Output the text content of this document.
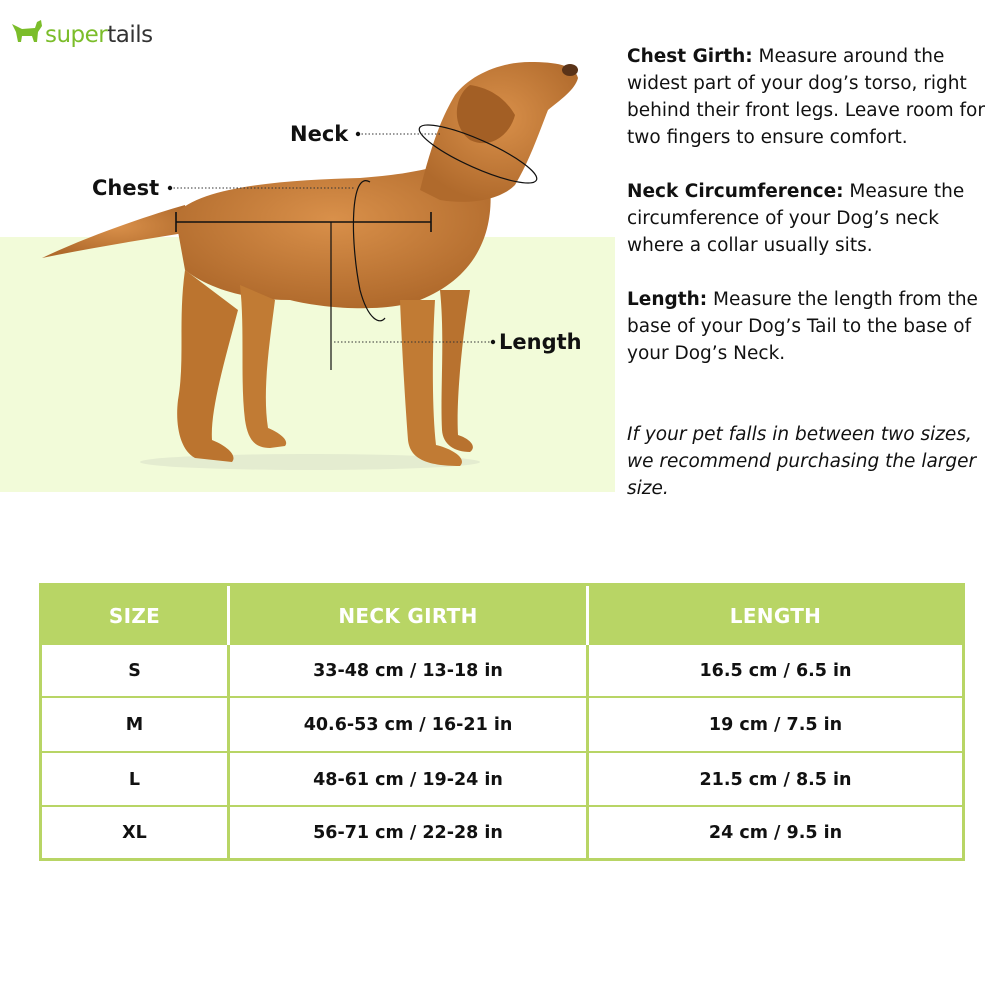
supertails
Neck
Chest
Length

Chest Girth: Measure around the widest part of your dog’s torso, right behind their front legs. Leave room for two fingers to ensure comfort.

Neck Circumference: Measure the circumference of your Dog’s neck where a collar usually sits.

Length: Measure the length from the base of your Dog’s Tail to the base of your Dog’s Neck.

If your pet falls in between two sizes, we recommend purchasing the larger size.

SIZE	NECK GIRTH	LENGTH
S	33-48 cm / 13-18 in	16.5 cm / 6.5 in
M	40.6-53 cm / 16-21 in	19 cm / 7.5 in
L	48-61 cm / 19-24 in	21.5 cm / 8.5 in
XL	56-71 cm / 22-28 in	24 cm / 9.5 in
